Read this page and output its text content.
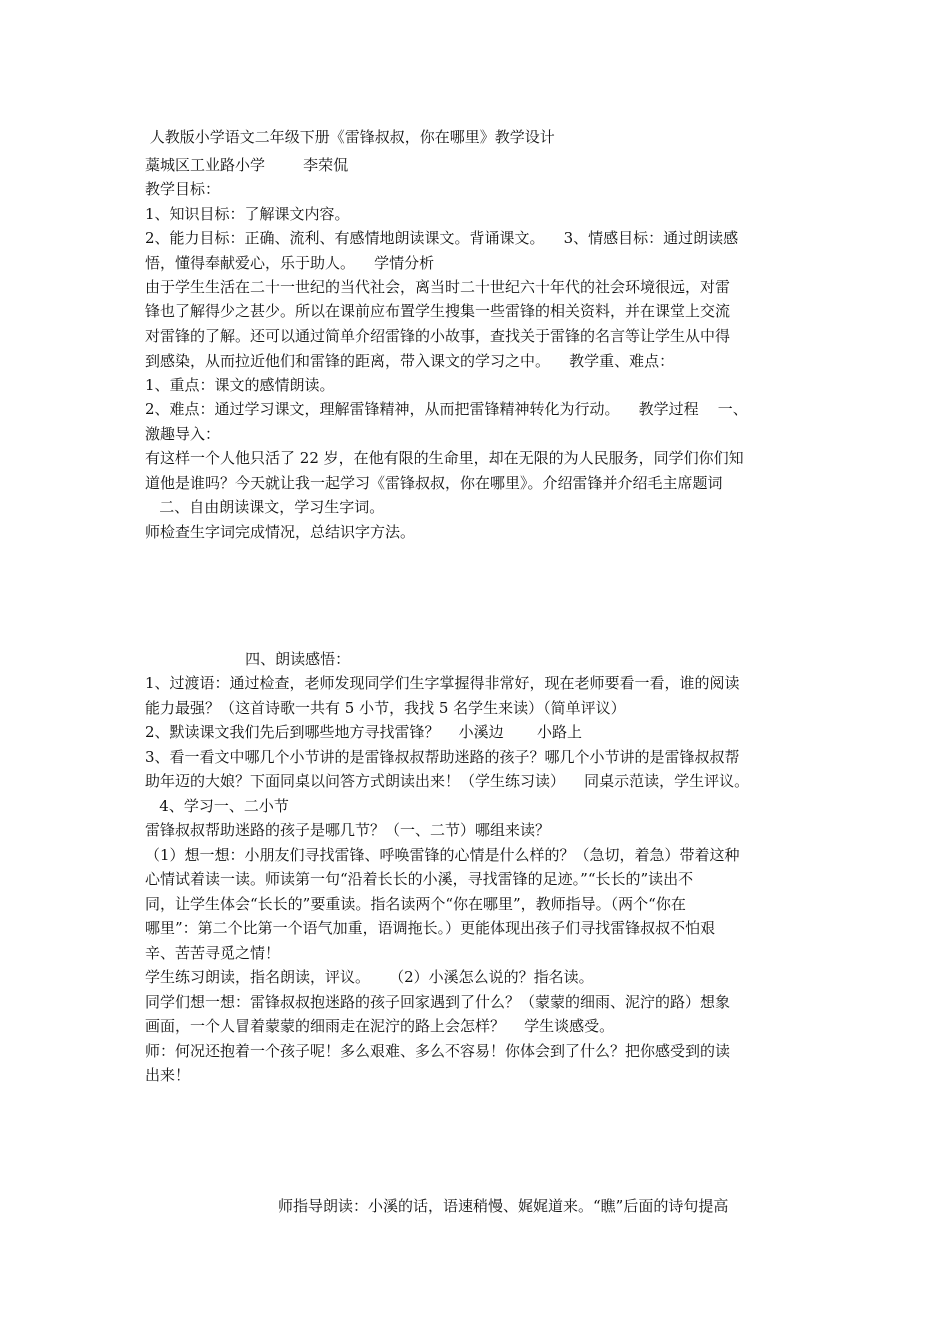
人教版小学语文二年级下册《雷锋叔叔，你在哪里》教学设计
藁城区工业路小学        李荣侃
教学目标：
1、知识目标：了解课文内容。
2、能力目标：正确、流利、有感情地朗读课文。背诵课文。    3、情感目标：通过朗读感
悟，懂得奉献爱心，乐于助人。    学情分析
由于学生生活在二十一世纪的当代社会，离当时二十世纪六十年代的社会环境很远，对雷
锋也了解得少之甚少。所以在课前应布置学生搜集一些雷锋的相关资料，并在课堂上交流
对雷锋的了解。还可以通过简单介绍雷锋的小故事，查找关于雷锋的名言等让学生从中得
到感染，从而拉近他们和雷锋的距离，带入课文的学习之中。    教学重、难点：
1、重点：课文的感情朗读。
2、难点：通过学习课文，理解雷锋精神，从而把雷锋精神转化为行动。    教学过程    一、
激趣导入：
有这样一个人他只活了 22 岁，在他有限的生命里，却在无限的为人民服务，同学们你们知
道他是谁吗？今天就让我一起学习《雷锋叔叔，你在哪里》。介绍雷锋并介绍毛主席题词
二、自由朗读课文，学习生字词。
师检查生字词完成情况，总结识字方法。
四、朗读感悟：
1、过渡语：通过检查，老师发现同学们生字掌握得非常好，现在老师要看一看，谁的阅读
能力最强？（这首诗歌一共有 5 小节，我找 5 名学生来读）（简单评议）
2、默读课文我们先后到哪些地方寻找雷锋？    小溪边       小路上
3、看一看文中哪几个小节讲的是雷锋叔叔帮助迷路的孩子？哪几个小节讲的是雷锋叔叔帮
助年迈的大娘？下面同桌以问答方式朗读出来！（学生练习读）    同桌示范读，学生评议。
4、学习一、二小节
雷锋叔叔帮助迷路的孩子是哪几节？（一、二节）哪组来读？
（1）想一想：小朋友们寻找雷锋、呼唤雷锋的心情是什么样的？（急切，着急）带着这种
心情试着读一读。师读第一句“沿着长长的小溪，寻找雷锋的足迹。”“长长的”读出不
同，让学生体会“长长的”要重读。指名读两个“你在哪里”，教师指导。（两个“你在
哪里”：第二个比第一个语气加重，语调拖长。）更能体现出孩子们寻找雷锋叔叔不怕艰
辛、苦苦寻觅之情！
学生练习朗读，指名朗读，评议。    （2）小溪怎么说的？指名读。
同学们想一想：雷锋叔叔抱迷路的孩子回家遇到了什么？（蒙蒙的细雨、泥泞的路）想象
画面，一个人冒着蒙蒙的细雨走在泥泞的路上会怎样？    学生谈感受。
师：何况还抱着一个孩子呢！多么艰难、多么不容易！你体会到了什么？把你感受到的读
出来！
师指导朗读：小溪的话，语速稍慢、娓娓道来。“瞧”后面的诗句提高
